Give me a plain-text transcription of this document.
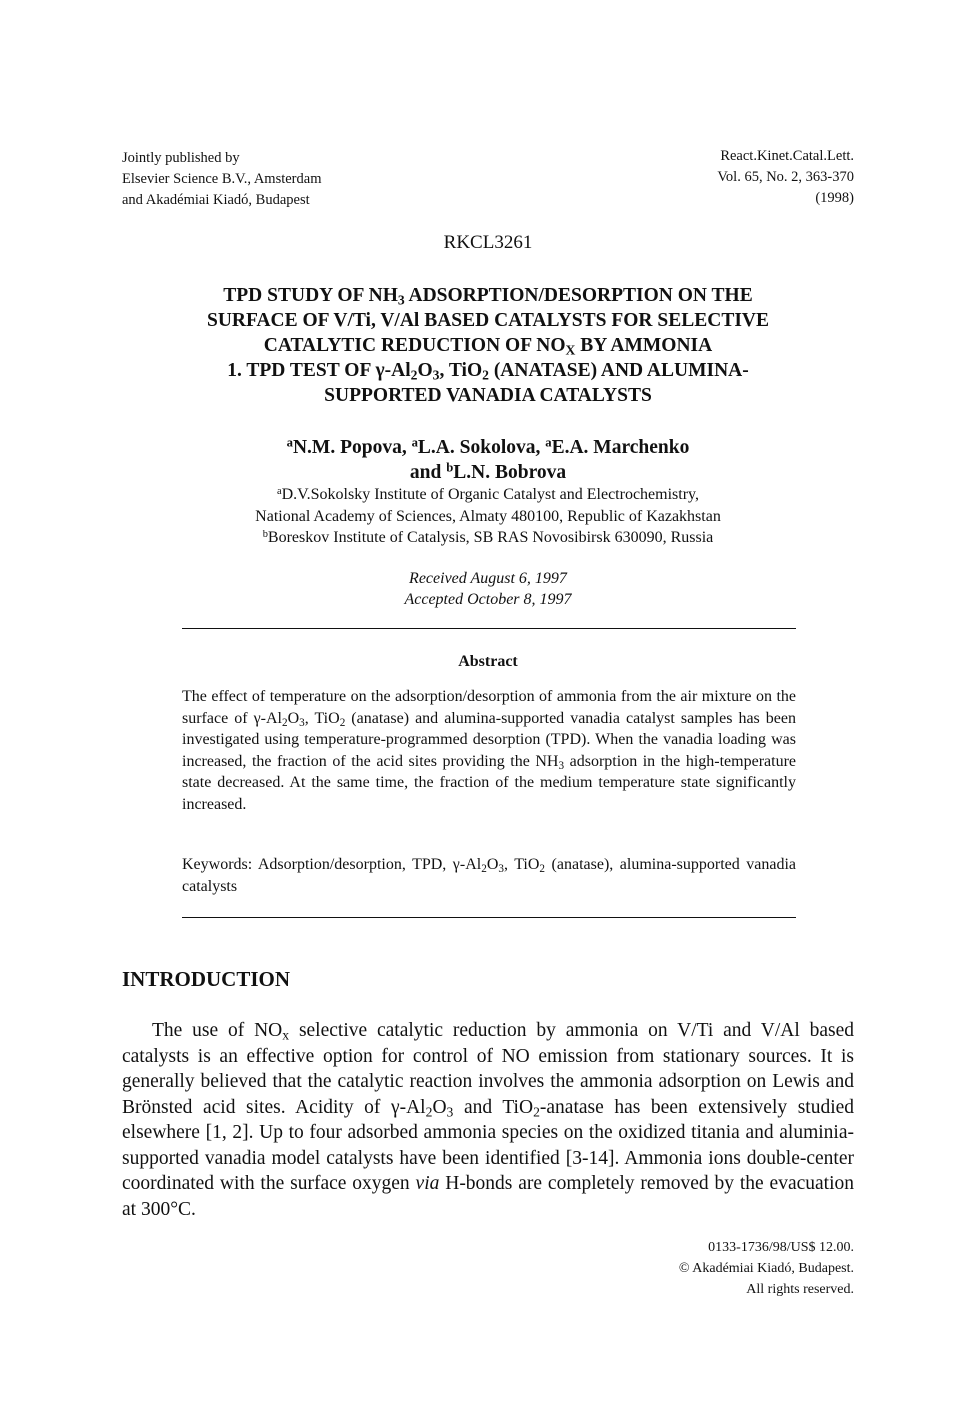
Jointly published by
Elsevier Science B.V., Amsterdam
and Akadémiai Kiadó, Budapest
React.Kinet.Catal.Lett.
Vol. 65, No. 2, 363-370
(1998)
RKCL3261
TPD STUDY OF $NH_3$ ADSORPTION/DESORPTION ON THE
SURFACE OF V/Ti, V/Al BASED CATALYSTS FOR SELECTIVE
CATALYTIC REDUCTION OF $NO_X$ BY AMMONIA
1. TPD TEST OF $\gamma-Al_2O_3$, TiO$_2$ (ANATASE) AND ALUMINA-
SUPPORTED VANADIA CATALYSTS
$^a$N.M. Popova, $^a$L.A. Sokolova, $^a$E.A. Marchenko
and $^b$L.N. Bobrova
$^a$D.V.Sokolsky Institute of Organic Catalyst and Electrochemistry,
National Academy of Sciences, Almaty 480100, Republic of Kazakhstan
$^b$Boreskov Institute of Catalysis, SB RAS Novosibirsk 630090, Russia
Received August 6, 1997
Accepted October 8, 1997
Abstract
The effect of temperature on the adsorption/desorption of ammonia from the air mixture on the surface of $\gamma-Al_2O_3$, TiO$_2$ (anatase) and alumina-supported vanadia catalyst samples has been investigated using temperature-programmed desorption (TPD). When the vanadia loading was increased, the fraction of the acid sites providing the $NH_3$ adsorption in the high-temperature state decreased. At the same time, the fraction of the medium temperature state significantly increased.
Keywords: Adsorption/desorption, TPD, $\gamma-Al_2O_3$, TiO$_2$ (anatase), alumina-supported vanadia catalysts
INTRODUCTION

The use of $NO_x$ selective catalytic reduction by ammonia on V/Ti and V/Al based catalysts is an effective option for control of NO emission from stationary sources. It is generally believed that the catalytic reaction involves the ammonia adsorption on Lewis and Brönsted acid sites. Acidity of $\gamma-Al_2O_3$ and TiO$_2$-anatase has been extensively studied elsewhere [1, 2]. Up to four adsorbed ammonia species on the oxidized titania and aluminia-supported vanadia model catalysts have been identified [3-14]. Ammonia ions double-center coordinated with the surface oxygen via H-bonds are completely removed by the evacuation at 300°C.

0133-1736/98/US$ 12.00.
© Akadémiai Kiadó, Budapest.
All rights reserved.
